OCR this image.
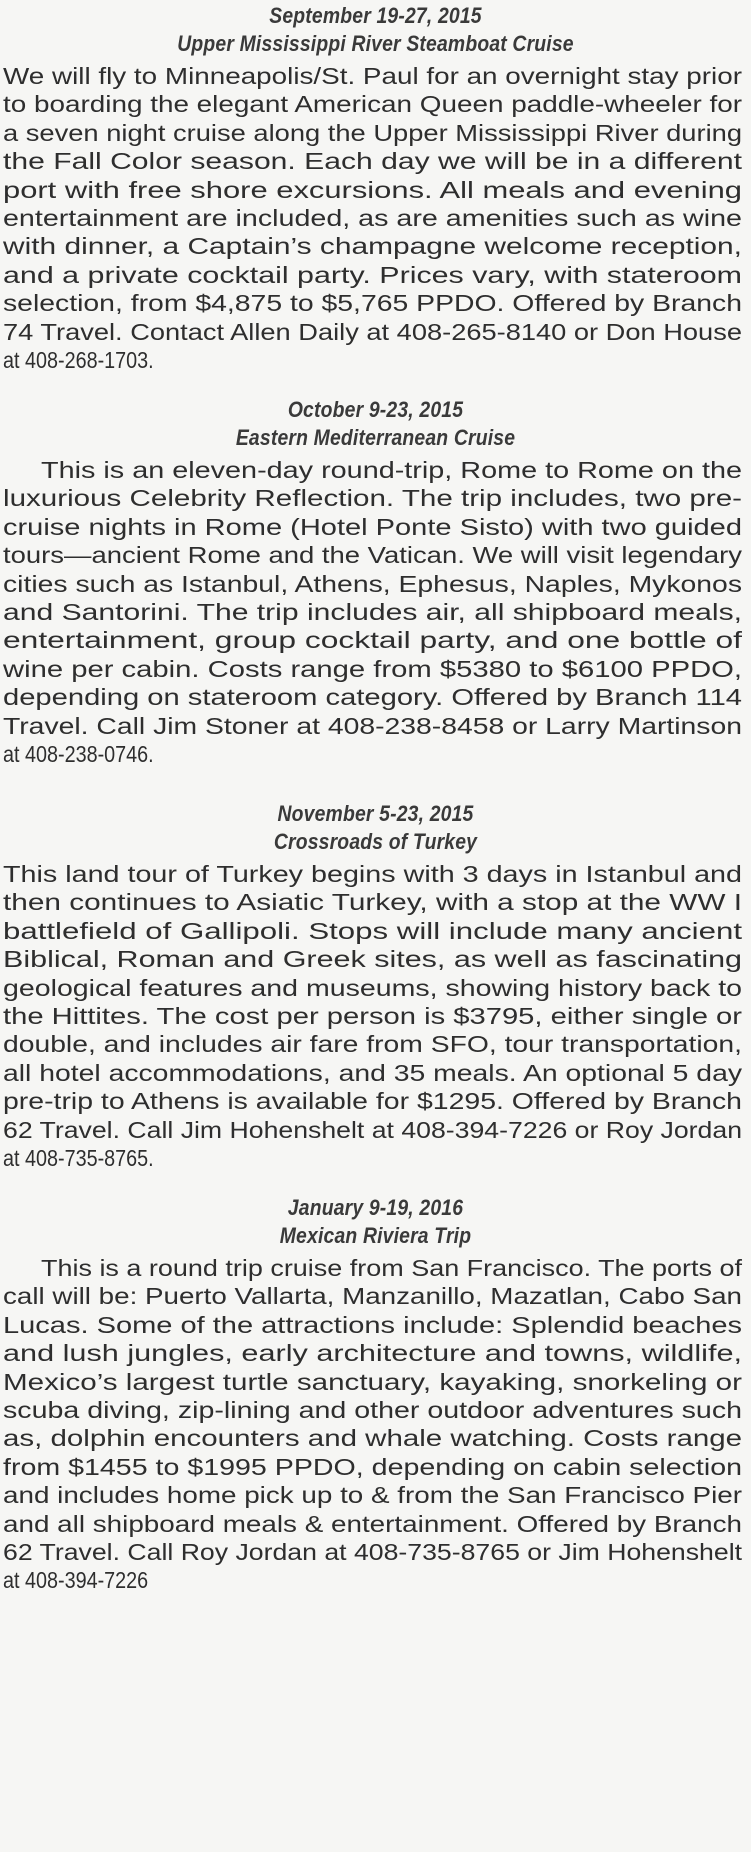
September 19-27, 2015
Upper Mississippi River Steamboat Cruise
We will fly to Minneapolis/St. Paul for an overnight stay prior
to boarding the elegant American Queen paddle-wheeler for
a seven night cruise along the Upper Mississippi River during
the Fall Color season. Each day we will be in a different
port with free shore excursions. All meals and evening
entertainment are included, as are amenities such as wine
with dinner, a Captain’s champagne welcome reception,
and a private cocktail party. Prices vary, with stateroom
selection, from $4,875 to $5,765 PPDO. Offered by Branch
74 Travel. Contact Allen Daily at 408-265-8140 or Don House
at 408-268-1703.
October 9-23, 2015
Eastern Mediterranean Cruise
This is an eleven-day round-trip, Rome to Rome on the
luxurious Celebrity Reflection. The trip includes, two pre-
cruise nights in Rome (Hotel Ponte Sisto) with two guided
tours—ancient Rome and the Vatican. We will visit legendary
cities such as Istanbul, Athens, Ephesus, Naples, Mykonos
and Santorini. The trip includes air, all shipboard meals,
entertainment, group cocktail party, and one bottle of
wine per cabin. Costs range from $5380 to $6100 PPDO,
depending on stateroom category. Offered by Branch 114
Travel. Call Jim Stoner at 408-238-8458 or Larry Martinson
at 408-238-0746.
November 5-23, 2015
Crossroads of Turkey
This land tour of Turkey begins with 3 days in Istanbul and
then continues to Asiatic Turkey, with a stop at the WW I
battlefield of Gallipoli. Stops will include many ancient
Biblical, Roman and Greek sites, as well as fascinating
geological features and museums, showing history back to
the Hittites. The cost per person is $3795, either single or
double, and includes air fare from SFO, tour transportation,
all hotel accommodations, and 35 meals. An optional 5 day
pre-trip to Athens is available for $1295. Offered by Branch
62 Travel. Call Jim Hohenshelt at 408-394-7226 or Roy Jordan
at 408-735-8765.
January 9-19, 2016
Mexican Riviera Trip
This is a round trip cruise from San Francisco. The ports of
call will be: Puerto Vallarta, Manzanillo, Mazatlan, Cabo San
Lucas. Some of the attractions include: Splendid beaches
and lush jungles, early architecture and towns, wildlife,
Mexico’s largest turtle sanctuary, kayaking, snorkeling or
scuba diving, zip-lining and other outdoor adventures such
as, dolphin encounters and whale watching. Costs range
from $1455 to $1995 PPDO, depending on cabin selection
and includes home pick up to & from the San Francisco Pier
and all shipboard meals & entertainment. Offered by Branch
62 Travel. Call Roy Jordan at 408-735-8765 or Jim Hohenshelt
at 408-394-7226
